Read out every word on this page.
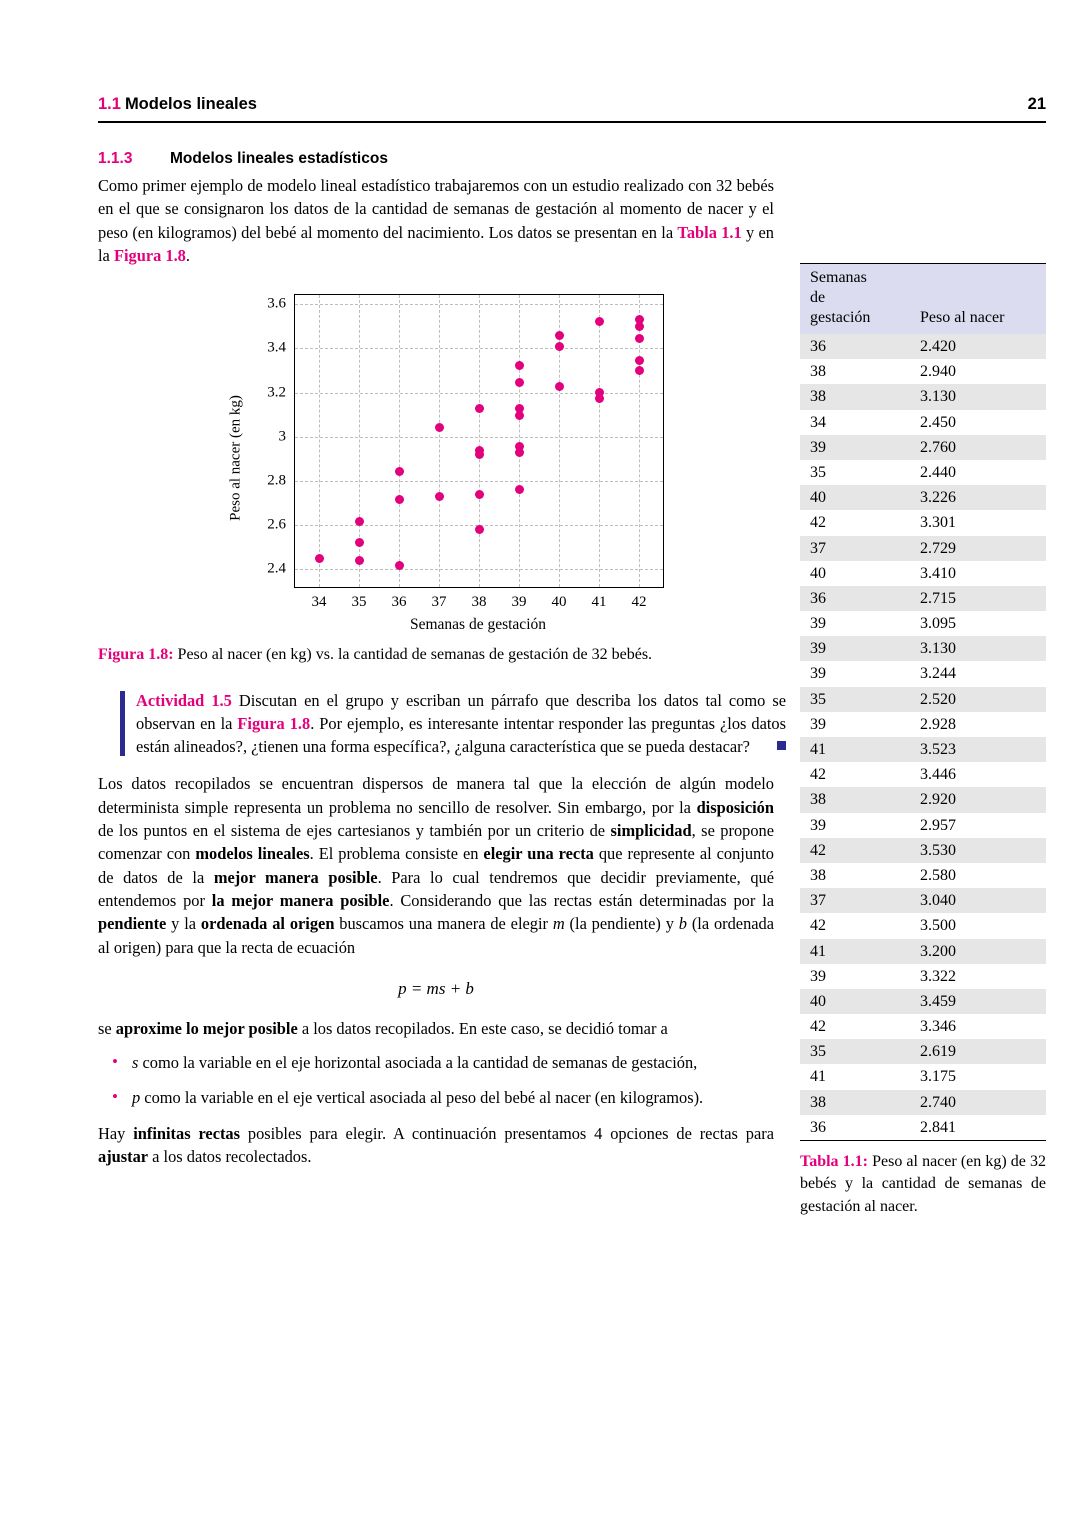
1.1 Modelos lineales	21
1.1.3	Modelos lineales estadísticos

Como primer ejemplo de modelo lineal estadístico trabajaremos con un estudio realizado con 32 bebés en el que se consignaron los datos de la cantidad de semanas de gestación al momento de nacer y el peso (en kilogramos) del bebé al momento del nacimiento. Los datos se presentan en la Tabla 1.1 y en la Figura 1.8.

Peso al nacer (en kg)
34 35 36 37 38 39 40 41 42
2.4
2.6
2.8
3
3.2
3.4
3.6
Semanas de gestación

Figura 1.8: Peso al nacer (en kg) vs. la cantidad de semanas de gestación de 32 bebés.

Actividad 1.5 Discutan en el grupo y escriban un párrafo que describa los datos tal como se observan en la Figura 1.8. Por ejemplo, es interesante intentar responder las preguntas ¿los datos están alineados?, ¿tienen una forma específica?, ¿alguna característica que se pueda destacar?

Los datos recopilados se encuentran dispersos de manera tal que la elección de algún modelo determinista simple representa un problema no sencillo de resolver. Sin embargo, por la disposición de los puntos en el sistema de ejes cartesianos y también por un criterio de simplicidad, se propone comenzar con modelos lineales. El problema consiste en elegir una recta que represente al conjunto de datos de la mejor manera posible. Para lo cual tendremos que decidir previamente, qué entendemos por la mejor manera posible. Considerando que las rectas están determinadas por la pendiente y la ordenada al origen buscamos una manera de elegir m (la pendiente) y b (la ordenada al origen) para que la recta de ecuación

p = ms + b

se aproxime lo mejor posible a los datos recopilados. En este caso, se decidió tomar a

• s como la variable en el eje horizontal asociada a la cantidad de semanas de gestación,
• p como la variable en el eje vertical asociada al peso del bebé al nacer (en kilogramos).

Hay infinitas rectas posibles para elegir. A continuación presentamos 4 opciones de rectas para ajustar a los datos recolectados.

Semanas
de
gestación	Peso al nacer

36	2.420
38	2.940
38	3.130
34	2.450
39	2.760
35	2.440
40	3.226
42	3.301
37	2.729
40	3.410
36	2.715
39	3.095
39	3.130
39	3.244
35	2.520
39	2.928
41	3.523
42	3.446
38	2.920
39	2.957
42	3.530
38	2.580
37	3.040
42	3.500
41	3.200
39	3.322
40	3.459
42	3.346
35	2.619
41	3.175
38	2.740
36	2.841

Tabla 1.1: Peso al nacer (en kg) de 32 bebés y la cantidad de semanas de gestación al nacer.
